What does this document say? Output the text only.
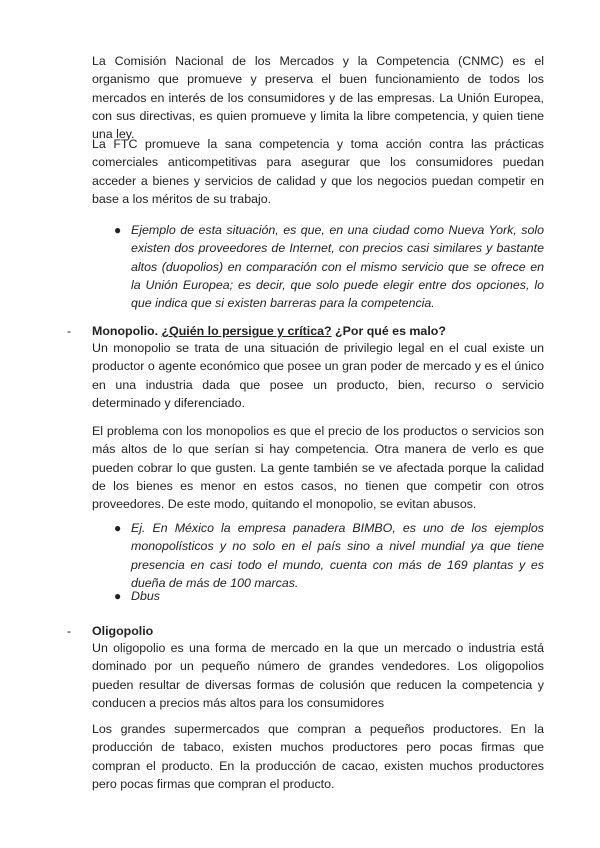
La Comisión Nacional de los Mercados y la Competencia (CNMC) es el organismo que promueve y preserva el buen funcionamiento de todos los mercados en interés de los consumidores y de las empresas. La Unión Europea, con sus directivas, es quien promueve y limita la libre competencia, y quien tiene una ley.

La FTC promueve la sana competencia y toma acción contra las prácticas comerciales anticompetitivas para asegurar que los consumidores puedan acceder a bienes y servicios de calidad y que los negocios puedan competir en base a los méritos de su trabajo.

● Ejemplo de esta situación, es que, en una ciudad como Nueva York, solo existen dos proveedores de Internet, con precios casi similares y bastante altos (duopolios) en comparación con el mismo servicio que se ofrece en la Unión Europea; es decir, que solo puede elegir entre dos opciones, lo que indica que si existen barreras para la competencia.

- Monopolio. ¿Quién lo persigue y crítica? ¿Por qué es malo?

Un monopolio se trata de una situación de privilegio legal en el cual existe un productor o agente económico que posee un gran poder de mercado y es el único en una industria dada que posee un producto, bien, recurso o servicio determinado y diferenciado.

El problema con los monopolios es que el precio de los productos o servicios son más altos de lo que serían si hay competencia. Otra manera de verlo es que pueden cobrar lo que gusten. La gente también se ve afectada porque la calidad de los bienes es menor en estos casos, no tienen que competir con otros proveedores. De este modo, quitando el monopolio, se evitan abusos.

● Ej. En México la empresa panadera BIMBO, es uno de los ejemplos monopolísticos y no solo en el país sino a nivel mundial ya que tiene presencia en casi todo el mundo, cuenta con más de 169 plantas y es dueña de más de 100 marcas.

● Dbus

- Oligopolio

Un oligopolio es una forma de mercado en la que un mercado o industria está dominado por un pequeño número de grandes vendedores. Los oligopolios pueden resultar de diversas formas de colusión que reducen la competencia y conducen a precios más altos para los consumidores

Los grandes supermercados que compran a pequeños productores. En la producción de tabaco, existen muchos productores pero pocas firmas que compran el producto. En la producción de cacao, existen muchos productores pero pocas firmas que compran el producto.
